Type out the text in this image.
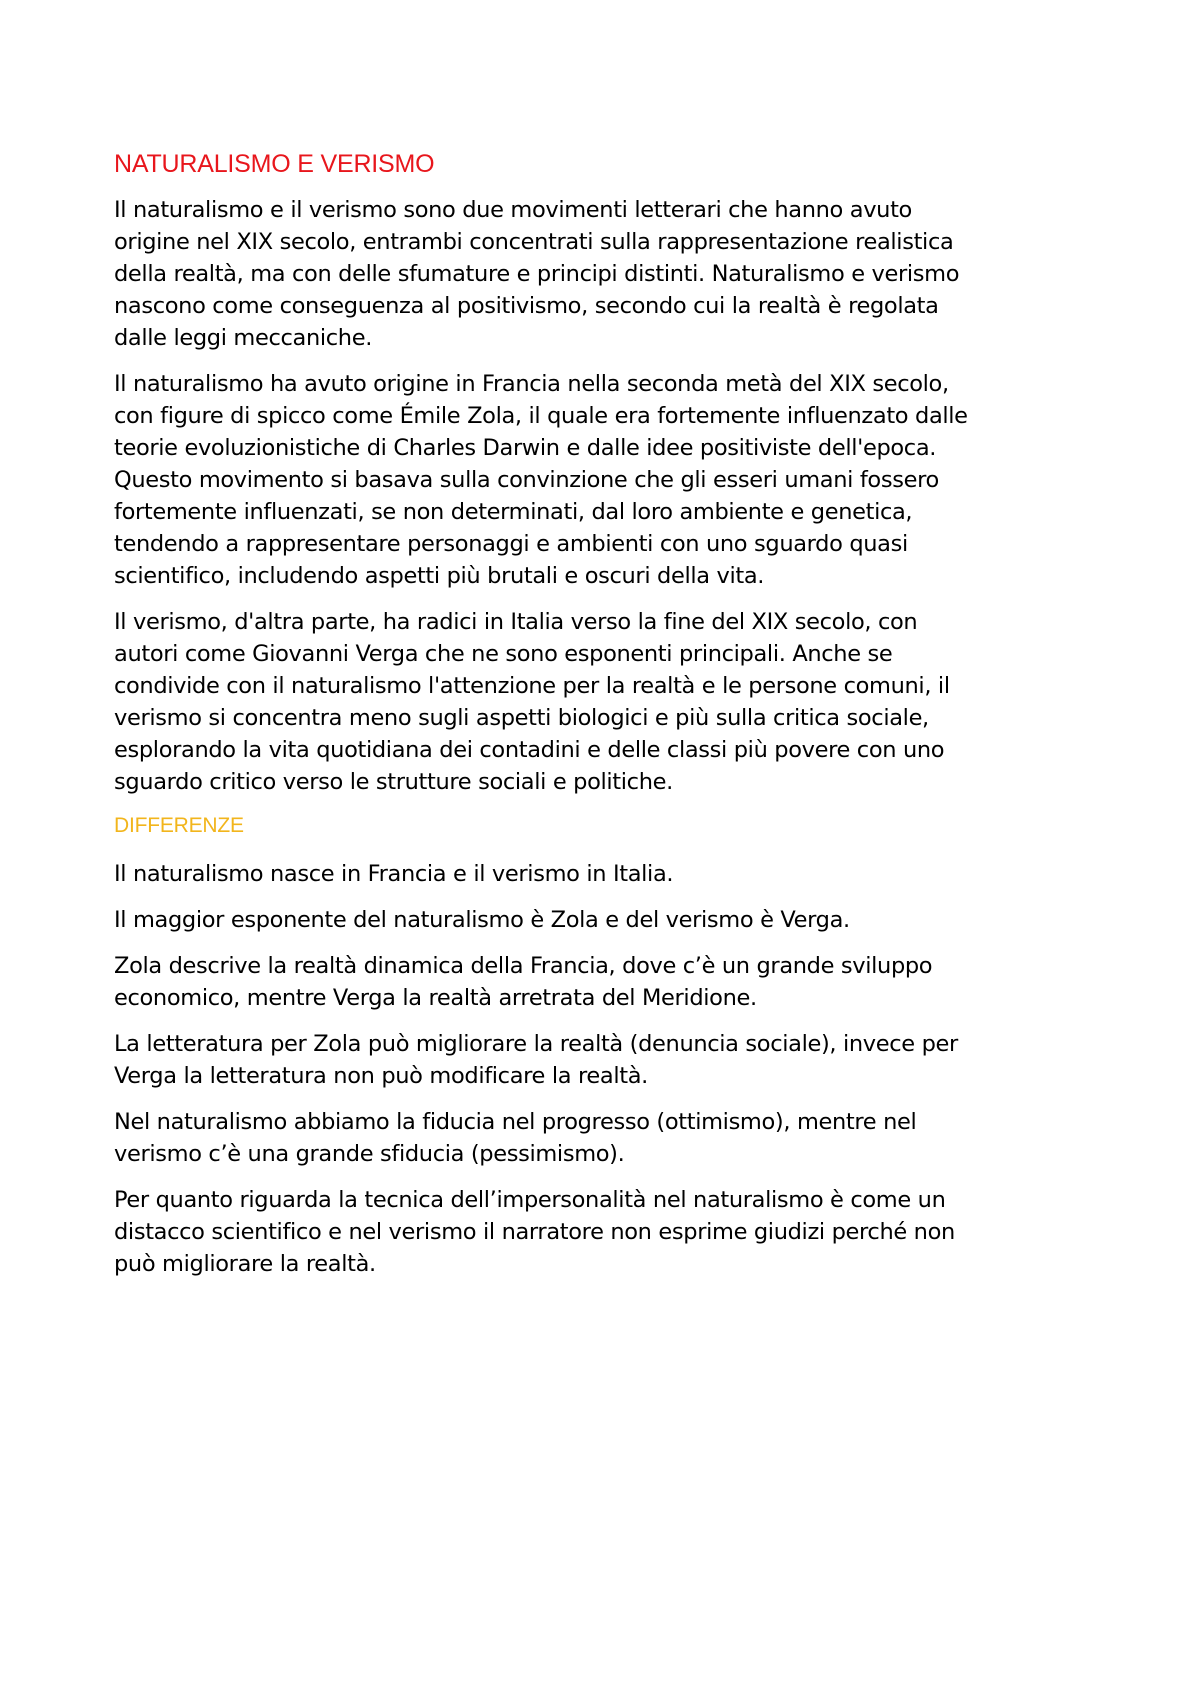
NATURALISMO E VERISMO

Il naturalismo e il verismo sono due movimenti letterari che hanno avuto
origine nel XIX secolo, entrambi concentrati sulla rappresentazione realistica
della realtà, ma con delle sfumature e principi distinti. Naturalismo e verismo
nascono come conseguenza al positivismo, secondo cui la realtà è regolata
dalle leggi meccaniche.

Il naturalismo ha avuto origine in Francia nella seconda metà del XIX secolo,
con figure di spicco come Émile Zola, il quale era fortemente influenzato dalle
teorie evoluzionistiche di Charles Darwin e dalle idee positiviste dell'epoca.
Questo movimento si basava sulla convinzione che gli esseri umani fossero
fortemente influenzati, se non determinati, dal loro ambiente e genetica,
tendendo a rappresentare personaggi e ambienti con uno sguardo quasi
scientifico, includendo aspetti più brutali e oscuri della vita.

Il verismo, d'altra parte, ha radici in Italia verso la fine del XIX secolo, con
autori come Giovanni Verga che ne sono esponenti principali. Anche se
condivide con il naturalismo l'attenzione per la realtà e le persone comuni, il
verismo si concentra meno sugli aspetti biologici e più sulla critica sociale,
esplorando la vita quotidiana dei contadini e delle classi più povere con uno
sguardo critico verso le strutture sociali e politiche.

DIFFERENZE

Il naturalismo nasce in Francia e il verismo in Italia.

Il maggior esponente del naturalismo è Zola e del verismo è Verga.

Zola descrive la realtà dinamica della Francia, dove c’è un grande sviluppo
economico, mentre Verga la realtà arretrata del Meridione.

La letteratura per Zola può migliorare la realtà (denuncia sociale), invece per
Verga la letteratura non può modificare la realtà.

Nel naturalismo abbiamo la fiducia nel progresso (ottimismo), mentre nel
verismo c’è una grande sfiducia (pessimismo).

Per quanto riguarda la tecnica dell’impersonalità nel naturalismo è come un
distacco scientifico e nel verismo il narratore non esprime giudizi perché non
può migliorare la realtà.
